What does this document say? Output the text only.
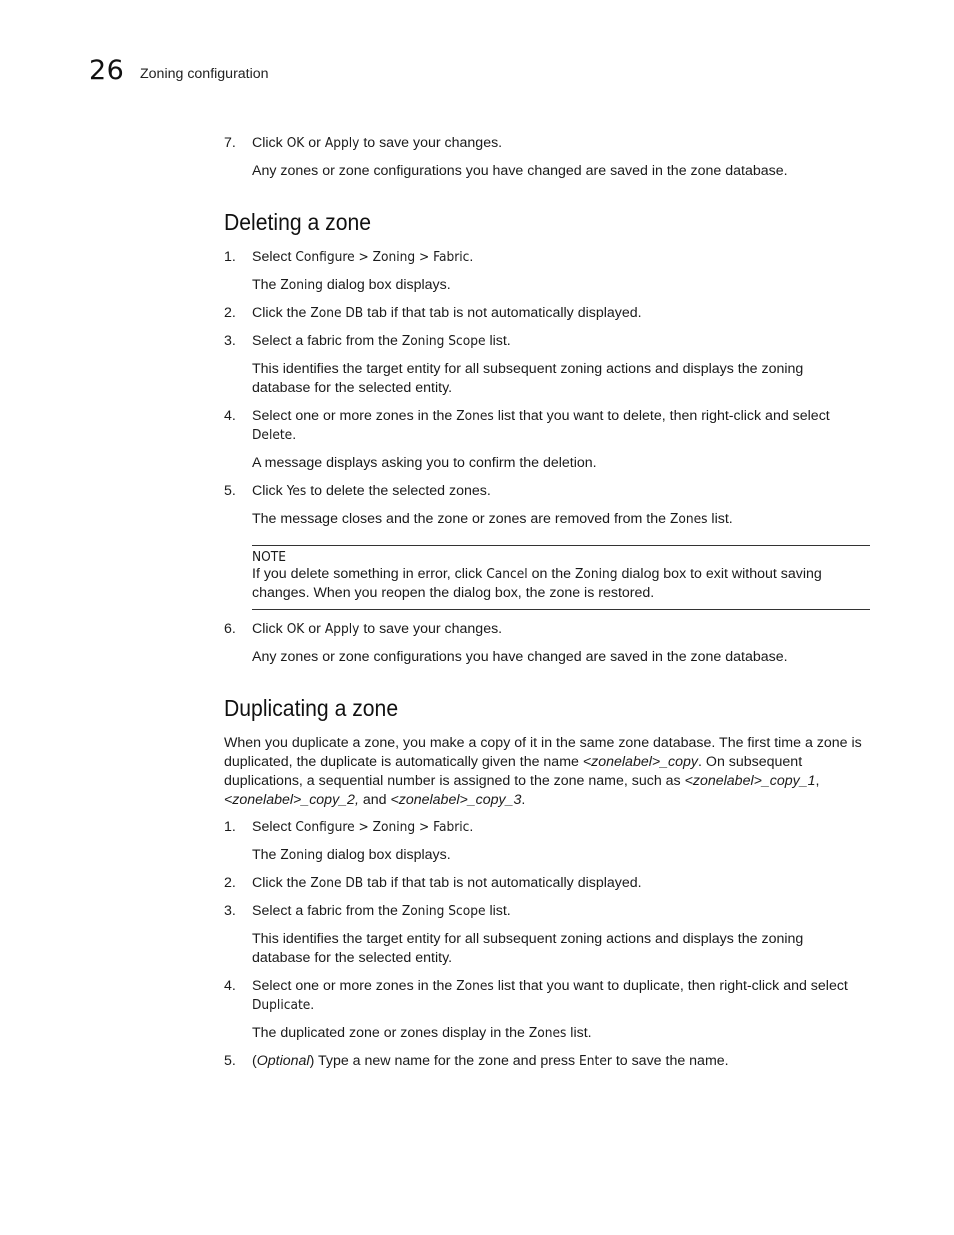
26 Zoning configuration
7. Click OK or Apply to save your changes.
Any zones or zone configurations you have changed are saved in the zone database.
Deleting a zone
1. Select Configure > Zoning > Fabric.
The Zoning dialog box displays.
2. Click the Zone DB tab if that tab is not automatically displayed.
3. Select a fabric from the Zoning Scope list.
This identifies the target entity for all subsequent zoning actions and displays the zoning database for the selected entity.
4. Select one or more zones in the Zones list that you want to delete, then right-click and select Delete.
A message displays asking you to confirm the deletion.
5. Click Yes to delete the selected zones.
The message closes and the zone or zones are removed from the Zones list.
NOTE
If you delete something in error, click Cancel on the Zoning dialog box to exit without saving changes. When you reopen the dialog box, the zone is restored.
6. Click OK or Apply to save your changes.
Any zones or zone configurations you have changed are saved in the zone database.
Duplicating a zone
When you duplicate a zone, you make a copy of it in the same zone database. The first time a zone is duplicated, the duplicate is automatically given the name <zonelabel>_copy. On subsequent duplications, a sequential number is assigned to the zone name, such as <zonelabel>_copy_1, <zonelabel>_copy_2, and <zonelabel>_copy_3.
1. Select Configure > Zoning > Fabric.
The Zoning dialog box displays.
2. Click the Zone DB tab if that tab is not automatically displayed.
3. Select a fabric from the Zoning Scope list.
This identifies the target entity for all subsequent zoning actions and displays the zoning database for the selected entity.
4. Select one or more zones in the Zones list that you want to duplicate, then right-click and select Duplicate.
The duplicated zone or zones display in the Zones list.
5. (Optional) Type a new name for the zone and press Enter to save the name.
